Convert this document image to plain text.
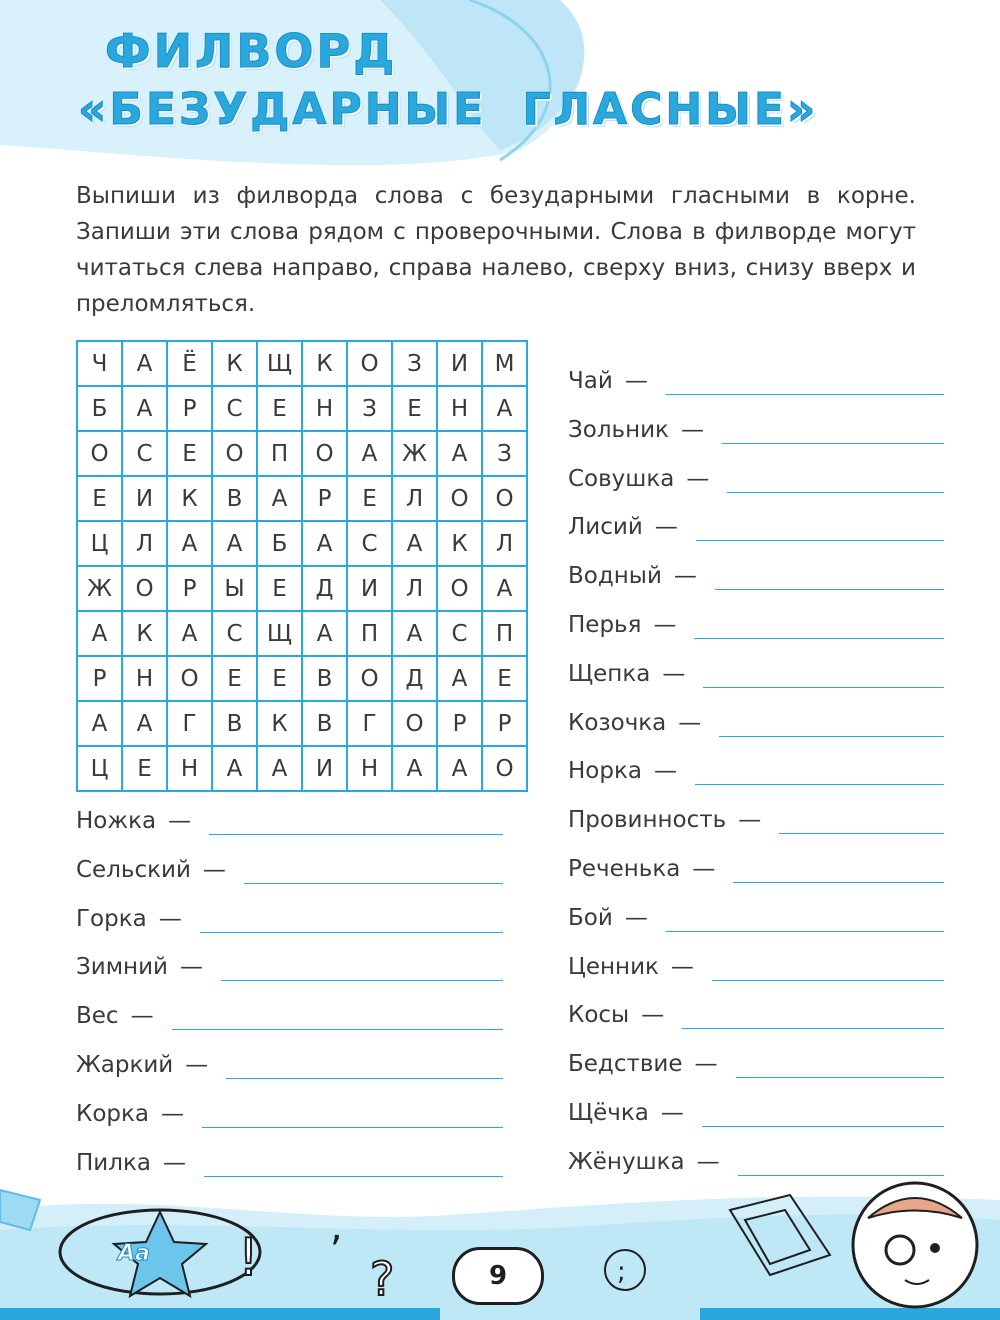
ФИЛВОРД
«БЕЗУДАРНЫЕ ГЛАСНЫЕ»

Выпиши из филворда слова с безударными гласными в корне. Запиши эти слова рядом с проверочными. Слова в филворде могут читаться слева направо, справа налево, сверху вниз, снизу вверх и преломляться.

Ч	А	Ё	К	Щ	К	О	З	И	М
Б	А	Р	С	Е	Н	З	Е	Н	А
О	С	Е	О	П	О	А	Ж	А	З
Е	И	К	В	А	Р	Е	Л	О	О
Ц	Л	А	А	Б	А	С	А	К	Л
Ж	О	Р	Ы	Е	Д	И	Л	О	А
А	К	А	С	Щ	А	П	А	С	П
Р	Н	О	Е	Е	В	О	Д	А	Е
А	А	Г	В	К	В	Г	О	Р	Р
Ц	Е	Н	А	А	И	Н	А	А	О
Ножка —
Сельский —
Горка —
Зимний —
Вес —
Жаркий —
Корка —
Пилка —
Чай —
Зольник —
Совушка —
Лисий —
Водный —
Перья —
Щепка —
Козочка —
Норка —
Провинность —
Реченька —
Бой —
Ценник —
Косы —
Бедствие —
Щёчка —
Жёнушка —
!
,
?	;
Aa
9
